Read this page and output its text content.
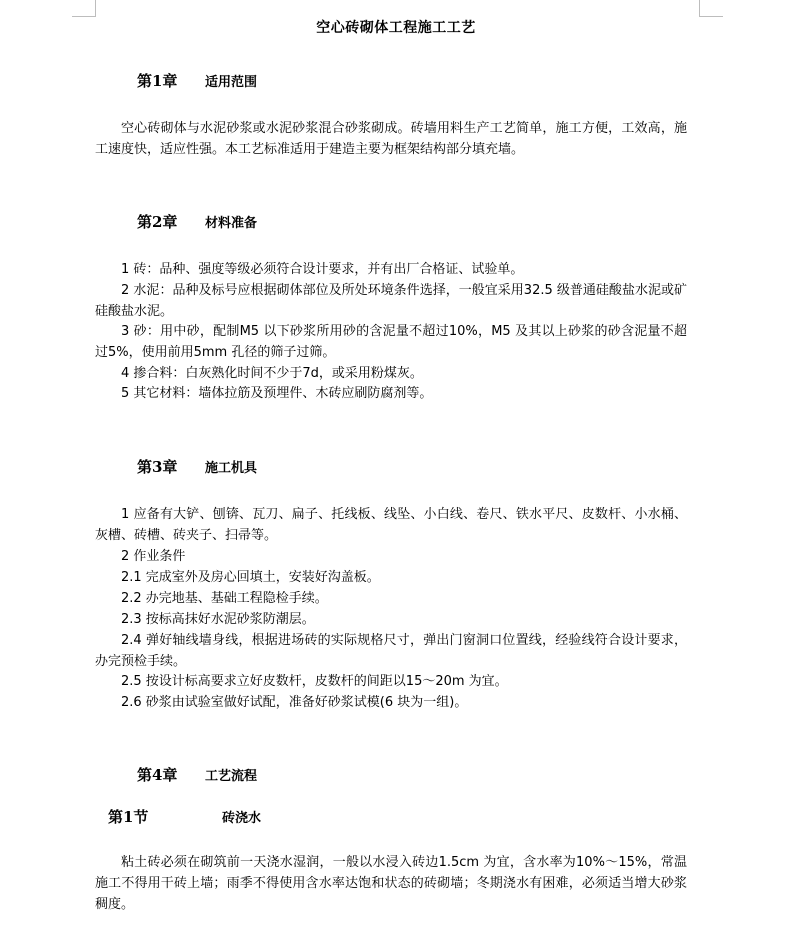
空心砖砌体工程施工工艺
第1章 适用范围
空心砖砌体与水泥砂浆或水泥砂浆混合砂浆砌成。砖墙用料生产工艺简单，施工方便，工效高，施工速度快，适应性强。本工艺标准适用于建造主要为框架结构部分填充墙。
第2章 材料准备
1 砖：品种、强度等级必须符合设计要求，并有出厂合格证、试验单。
2 水泥：品种及标号应根据砌体部位及所处环境条件选择，一般宜采用32.5 级普通硅酸盐水泥或矿硅酸盐水泥。
3 砂：用中砂，配制M5 以下砂浆所用砂的含泥量不超过10%，M5 及其以上砂浆的砂含泥量不超过5%，使用前用5mm 孔径的筛子过筛。
4 掺合料：白灰熟化时间不少于7d，或采用粉煤灰。
5 其它材料：墙体拉筋及预埋件、木砖应刷防腐剂等。
第3章 施工机具
1 应备有大铲、刨锛、瓦刀、扁子、托线板、线坠、小白线、卷尺、铁水平尺、皮数杆、小水桶、灰槽、砖槽、砖夹子、扫帚等。
2 作业条件
2.1 完成室外及房心回填土，安装好沟盖板。
2.2 办完地基、基础工程隐检手续。
2.3 按标高抹好水泥砂浆防潮层。
2.4 弹好轴线墙身线，根据进场砖的实际规格尺寸，弹出门窗洞口位置线，经验线符合设计要求，办完预检手续。
2.5 按设计标高要求立好皮数杆，皮数杆的间距以15～20m 为宜。
2.6 砂浆由试验室做好试配，准备好砂浆试模(6 块为一组)。
第4章 工艺流程
第1节	砖浇水
粘土砖必须在砌筑前一天浇水湿润，一般以水浸入砖边1.5cm 为宜，含水率为10%～15%，常温施工不得用干砖上墙；雨季不得使用含水率达饱和状态的砖砌墙；冬期浇水有困难，必须适当增大砂浆稠度。
